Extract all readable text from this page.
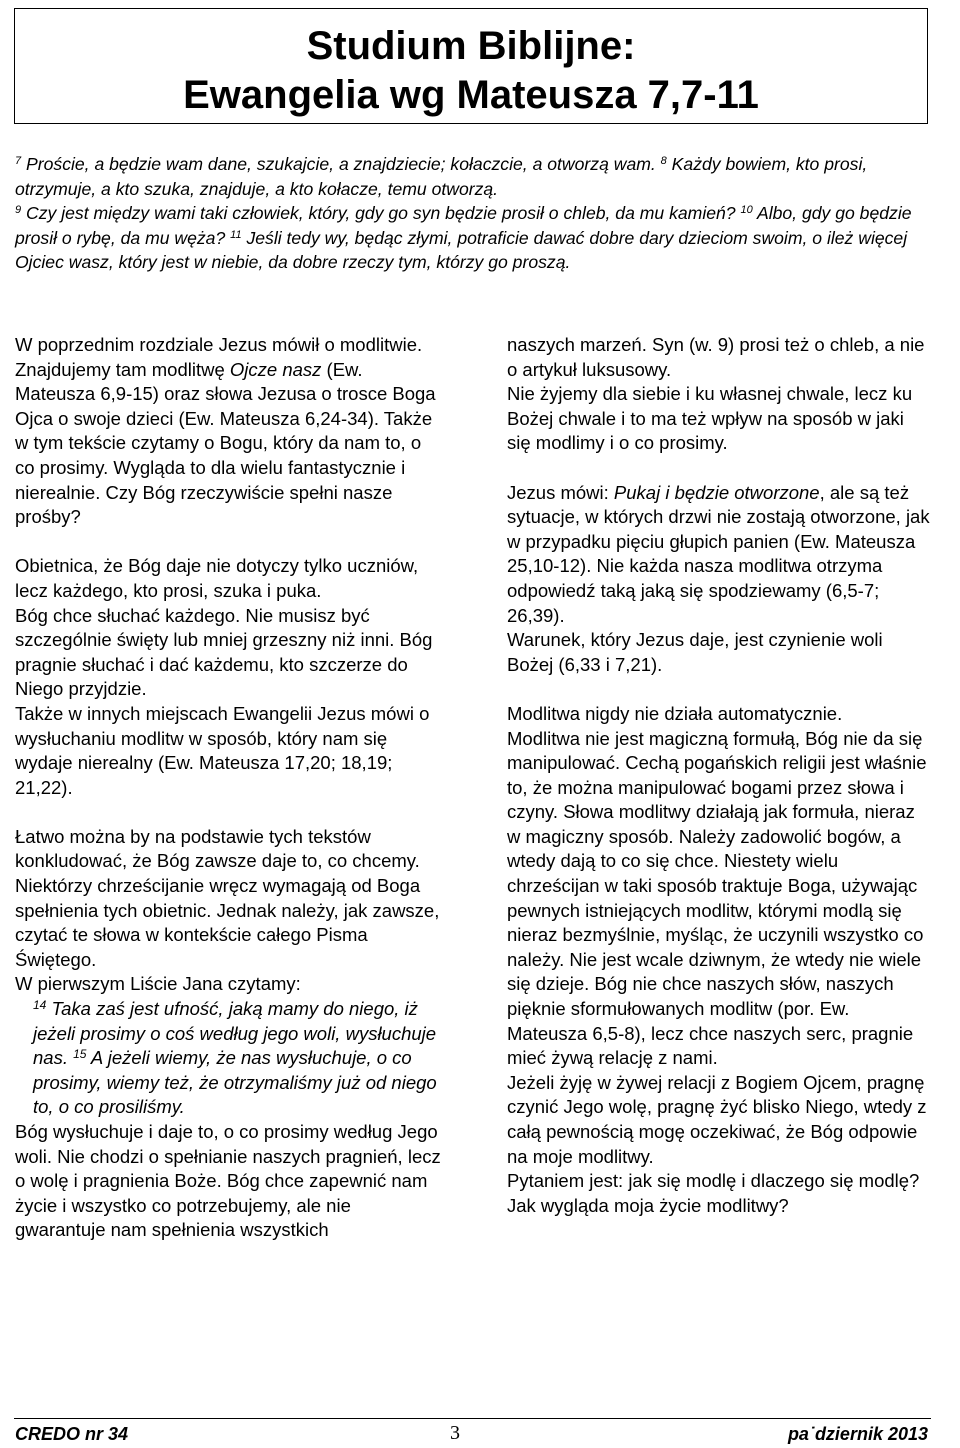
Studium Biblijne:
Ewangelia wg Mateusza 7,7-11
$^7$ Proście, a będzie wam dane, szukajcie, a znajdziecie; kołaczcie, a otworzą wam. $^8$ Każdy bowiem, kto prosi, otrzymuje, a kto szuka, znajduje, a kto kołacze, temu otworzą.
$^9$ Czy jest między wami taki człowiek, który, gdy go syn będzie prosił o chleb, da mu kamień? $^{10}$ Albo, gdy go będzie prosił o rybę, da mu węża? $^{11}$ Jeśli tedy wy, będąc złymi, potraficie dawać dobre dary dzieciom swoim, o ileż więcej Ojciec wasz, który jest w niebie, da dobre rzeczy tym, którzy go proszą.

W poprzednim rozdziale Jezus mówił o modlitwie. Znajdujemy tam modlitwę Ojcze nasz (Ew. Mateusza 6,9-15) oraz słowa Jezusa o trosce Boga Ojca o swoje dzieci (Ew. Mateusza 6,24-34). Także w tym tekście czytamy o Bogu, który da nam to, o co prosimy. Wygląda to dla wielu fantastycznie i nierealnie. Czy Bóg rzeczywiście spełni nasze prośby?

Obietnica, że Bóg daje nie dotyczy tylko uczniów, lecz każdego, kto prosi, szuka i puka.

Bóg chce słuchać każdego. Nie musisz być szczególnie święty lub mniej grzeszny niż inni. Bóg pragnie słuchać i dać każdemu, kto szczerze do Niego przyjdzie.

Także w innych miejscach Ewangelii Jezus mówi o wysłuchaniu modlitw w sposób, który nam się wydaje nierealny (Ew. Mateusza 17,20; 18,19; 21,22).

Łatwo można by na podstawie tych tekstów konkludować, że Bóg zawsze daje to, co chcemy. Niektórzy chrześcijanie wręcz wymagają od Boga spełnienia tych obietnic. Jednak należy, jak zawsze, czytać te słowa w kontekście całego Pisma Świętego.

W pierwszym Liście Jana czytamy:

$^{14}$ Taka zaś jest ufność, jaką mamy do niego, iż jeżeli prosimy o coś według jego woli, wysłuchuje nas. $^{15}$ A jeżeli wiemy, że nas wysłuchuje, o co prosimy, wiemy też, że otrzymaliśmy już od niego to, o co prosiliśmy.

Bóg wysłuchuje i daje to, o co prosimy według Jego woli. Nie chodzi o spełnianie naszych pragnień, lecz o wolę i pragnienia Boże. Bóg chce zapewnić nam życie i wszystko co potrzebujemy, ale nie gwarantuje nam spełnienia wszystkich

naszych marzeń. Syn (w. 9) prosi też o chleb, a nie o artykuł luksusowy.

Nie żyjemy dla siebie i ku własnej chwale, lecz ku Bożej chwale i to ma też wpływ na sposób w jaki się modlimy i o co prosimy.

Jezus mówi: Pukaj i będzie otworzone, ale są też sytuacje, w których drzwi nie zostają otworzone, jak w przypadku pięciu głupich panien (Ew. Mateusza 25,10-12). Nie każda nasza modlitwa otrzyma odpowiedź taką jaką się spodziewamy (6,5-7; 26,39).

Warunek, który Jezus daje, jest czynienie woli Bożej (6,33 i 7,21).

Modlitwa nigdy nie działa automatycznie.

Modlitwa nie jest magiczną formułą, Bóg nie da się manipulować. Cechą pogańskich religii jest właśnie to, że można manipulować bogami przez słowa i czyny. Słowa modlitwy działają jak formuła, nieraz w magiczny sposób. Należy zadowolić bogów, a wtedy dają to co się chce. Niestety wielu chrześcijan w taki sposób traktuje Boga, używając pewnych istniejących modlitw, którymi modlą się nieraz bezmyślnie, myśląc, że uczynili wszystko co należy. Nie jest wcale dziwnym, że wtedy nie wiele się dzieje. Bóg nie chce naszych słów, naszych pięknie sformułowanych modlitw (por. Ew. Mateusza 6,5-8), lecz chce naszych serc, pragnie mieć żywą relację z nami.

Jeżeli żyję w żywej relacji z Bogiem Ojcem, pragnę czynić Jego wolę, pragnę żyć blisko Niego, wtedy z całą pewnością mogę oczekiwać, że Bóg odpowie na moje modlitwy.

Pytaniem jest: jak się modlę i dlaczego się modlę? Jak wygląda moja życie modlitwy?

CREDO nr 34	3	pa˙dziernik 2013
